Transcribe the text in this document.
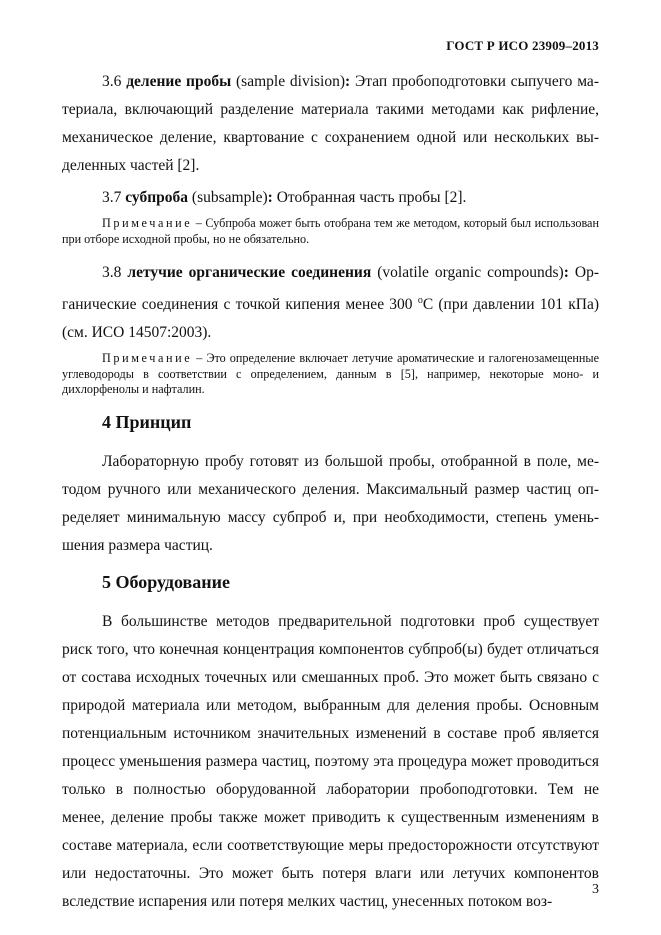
ГОСТ Р ИСО 23909–2013

3.6 деление пробы (sample division): Этап пробоподготовки сыпучего материала, включающий разделение материала такими методами как рифление, механическое деление, квартование с сохранением одной или нескольких выделенных частей [2].

3.7 субпроба (subsample): Отобранная часть пробы [2].

Примечание – Субпроба может быть отобрана тем же методом, который был использован при отборе исходной пробы, но не обязательно.

3.8 летучие органические соединения (volatile organic compounds): Органические соединения с точкой кипения менее 300 $^о$С (при давлении 101 кПа) (см. ИСО 14507:2003).

Примечание – Это определение включает летучие ароматические и галогенозамещенные углеводороды в соответствии с определением, данным в [5], например, некоторые моно- и дихлорфенолы и нафталин.

4 Принцип

Лабораторную пробу готовят из большой пробы, отобранной в поле, методом ручного или механического деления. Максимальный размер частиц определяет минимальную массу субпроб и, при необходимости, степень уменьшения размера частиц.

5 Оборудование

В большинстве методов предварительной подготовки проб существует риск того, что конечная концентрация компонентов субпроб(ы) будет отличаться от состава исходных точечных или смешанных проб. Это может быть связано с природой материала или методом, выбранным для деления пробы. Основным потенциальным источником значительных изменений в составе проб является процесс уменьшения размера частиц, поэтому эта процедура может проводиться только в полностью оборудованной лаборатории пробоподготовки. Тем не менее, деление пробы также может приводить к существенным изменениям в составе материала, если соответствующие меры предосторожности отсутствуют или недостаточны. Это может быть потеря влаги или летучих компонентов вследствие испарения или потеря мелких частиц, унесенных потоком воз-

3
